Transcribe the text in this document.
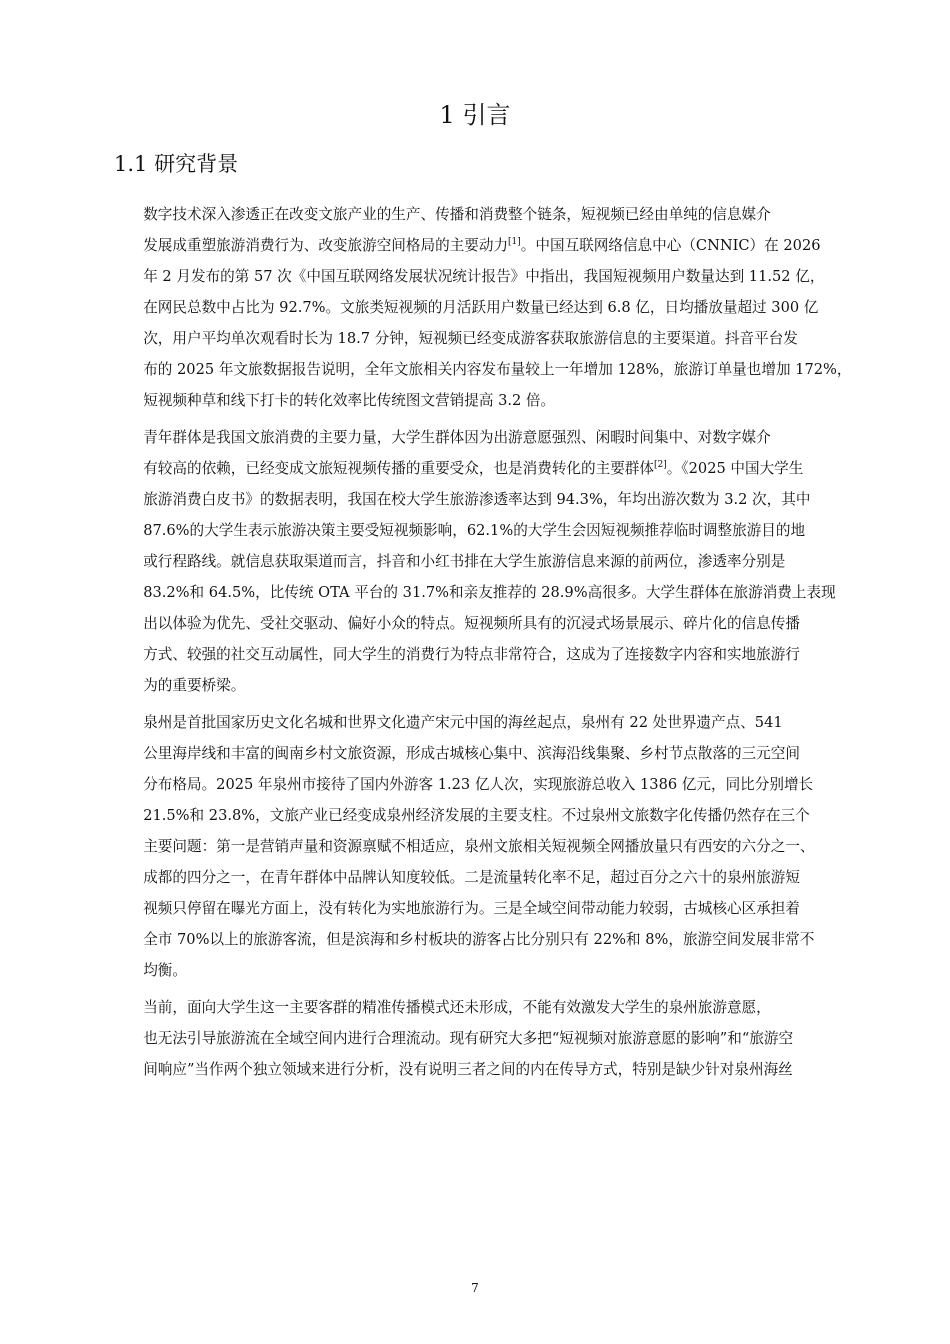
1 引言
1.1 研究背景

数字技术深入渗透正在改变文旅产业的生产、传播和消费整个链条，短视频已经由单纯的信息媒介
发展成重塑旅游消费行为、改变旅游空间格局的主要动力[1]。中国互联网络信息中心（CNNIC）在 2026
年 2 月发布的第 57 次《中国互联网络发展状况统计报告》中指出，我国短视频用户数量达到 11.52 亿，
在网民总数中占比为 92.7%。文旅类短视频的月活跃用户数量已经达到 6.8 亿，日均播放量超过 300 亿
次，用户平均单次观看时长为 18.7 分钟，短视频已经变成游客获取旅游信息的主要渠道。抖音平台发
布的 2025 年文旅数据报告说明，全年文旅相关内容发布量较上一年增加 128%，旅游订单量也增加 172%，
短视频种草和线下打卡的转化效率比传统图文营销提高 3.2 倍。

青年群体是我国文旅消费的主要力量，大学生群体因为出游意愿强烈、闲暇时间集中、对数字媒介
有较高的依赖，已经变成文旅短视频传播的重要受众，也是消费转化的主要群体[2]。《2025 中国大学生
旅游消费白皮书》的数据表明，我国在校大学生旅游渗透率达到 94.3%，年均出游次数为 3.2 次，其中
87.6%的大学生表示旅游决策主要受短视频影响，62.1%的大学生会因短视频推荐临时调整旅游目的地
或行程路线。就信息获取渠道而言，抖音和小红书排在大学生旅游信息来源的前两位，渗透率分别是
83.2%和 64.5%，比传统 OTA 平台的 31.7%和亲友推荐的 28.9%高很多。大学生群体在旅游消费上表现
出以体验为优先、受社交驱动、偏好小众的特点。短视频所具有的沉浸式场景展示、碎片化的信息传播
方式、较强的社交互动属性，同大学生的消费行为特点非常符合，这成为了连接数字内容和实地旅游行
为的重要桥梁。

泉州是首批国家历史文化名城和世界文化遗产宋元中国的海丝起点，泉州有 22 处世界遗产点、541
公里海岸线和丰富的闽南乡村文旅资源，形成古城核心集中、滨海沿线集聚、乡村节点散落的三元空间
分布格局。2025 年泉州市接待了国内外游客 1.23 亿人次，实现旅游总收入 1386 亿元，同比分别增长
21.5%和 23.8%，文旅产业已经变成泉州经济发展的主要支柱。不过泉州文旅数字化传播仍然存在三个
主要问题：第一是营销声量和资源禀赋不相适应，泉州文旅相关短视频全网播放量只有西安的六分之一、
成都的四分之一，在青年群体中品牌认知度较低。二是流量转化率不足，超过百分之六十的泉州旅游短
视频只停留在曝光方面上，没有转化为实地旅游行为。三是全域空间带动能力较弱，古城核心区承担着
全市 70%以上的旅游客流，但是滨海和乡村板块的游客占比分别只有 22%和 8%，旅游空间发展非常不
均衡。

当前，面向大学生这一主要客群的精准传播模式还未形成，不能有效激发大学生的泉州旅游意愿，
也无法引导旅游流在全域空间内进行合理流动。现有研究大多把“短视频对旅游意愿的影响”和“旅游空
间响应”当作两个独立领域来进行分析，没有说明三者之间的内在传导方式，特别是缺少针对泉州海丝

7
